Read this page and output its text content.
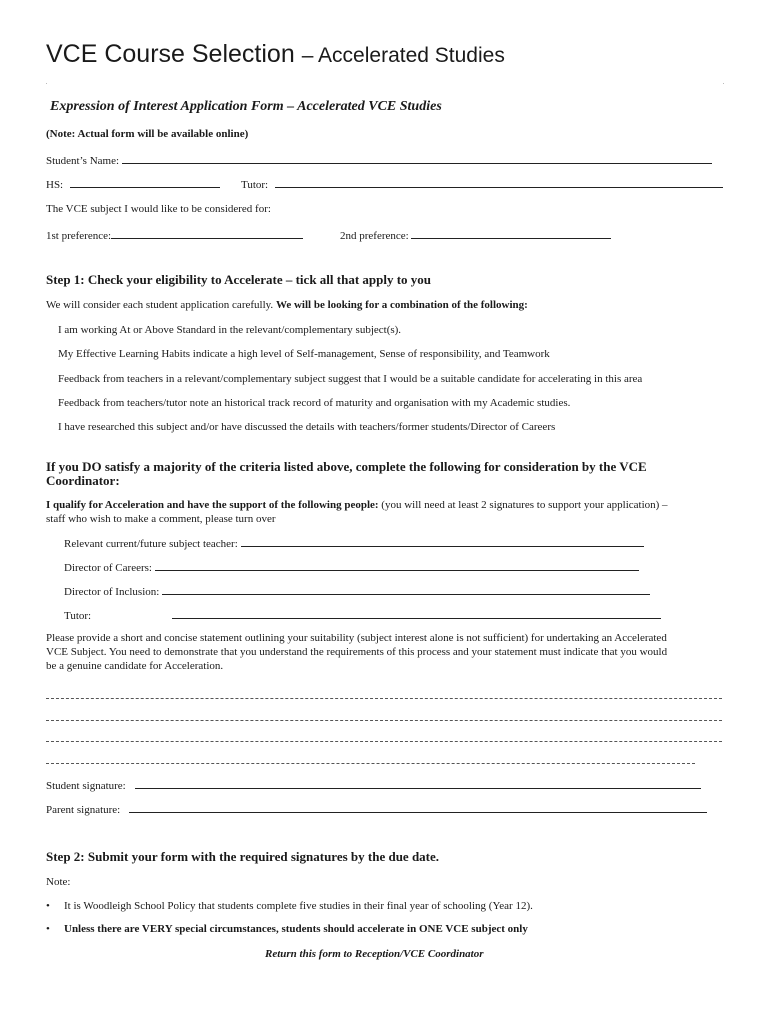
VCE Course Selection – Accelerated Studies
Expression of Interest Application Form – Accelerated VCE Studies
(Note: Actual form will be available online)
Student’s Name:
HS:	Tutor:
The VCE subject I would like to be considered for:
1st preference:	2nd preference:
Step 1: Check your eligibility to Accelerate – tick all that apply to you
We will consider each student application carefully. We will be looking for a combination of the following:
I am working At or Above Standard in the relevant/complementary subject(s).
My Effective Learning Habits indicate a high level of Self-management, Sense of responsibility, and Teamwork
Feedback from teachers in a relevant/complementary subject suggest that I would be a suitable candidate for accelerating in this area
Feedback from teachers/tutor note an historical track record of maturity and organisation with my Academic studies.
I have researched this subject and/or have discussed the details with teachers/former students/Director of Careers
If you DO satisfy a majority of the criteria listed above, complete the following for consideration by the VCE
Coordinator:
I qualify for Acceleration and have the support of the following people: (you will need at least 2 signatures to support your application) –
staff who wish to make a comment, please turn over
Relevant current/future subject teacher:
Director of Careers:
Director of Inclusion:
Tutor:
Please provide a short and concise statement outlining your suitability (subject interest alone is not sufficient) for undertaking an Accelerated
VCE Subject. You need to demonstrate that you understand the requirements of this process and your statement must indicate that you would
be a genuine candidate for Acceleration.
Student signature:
Parent signature:
Step 2: Submit your form with the required signatures by the due date.
Note:
• It is Woodleigh School Policy that students complete five studies in their final year of schooling (Year 12).
• Unless there are VERY special circumstances, students should accelerate in ONE VCE subject only
Return this form to Reception/VCE Coordinator
